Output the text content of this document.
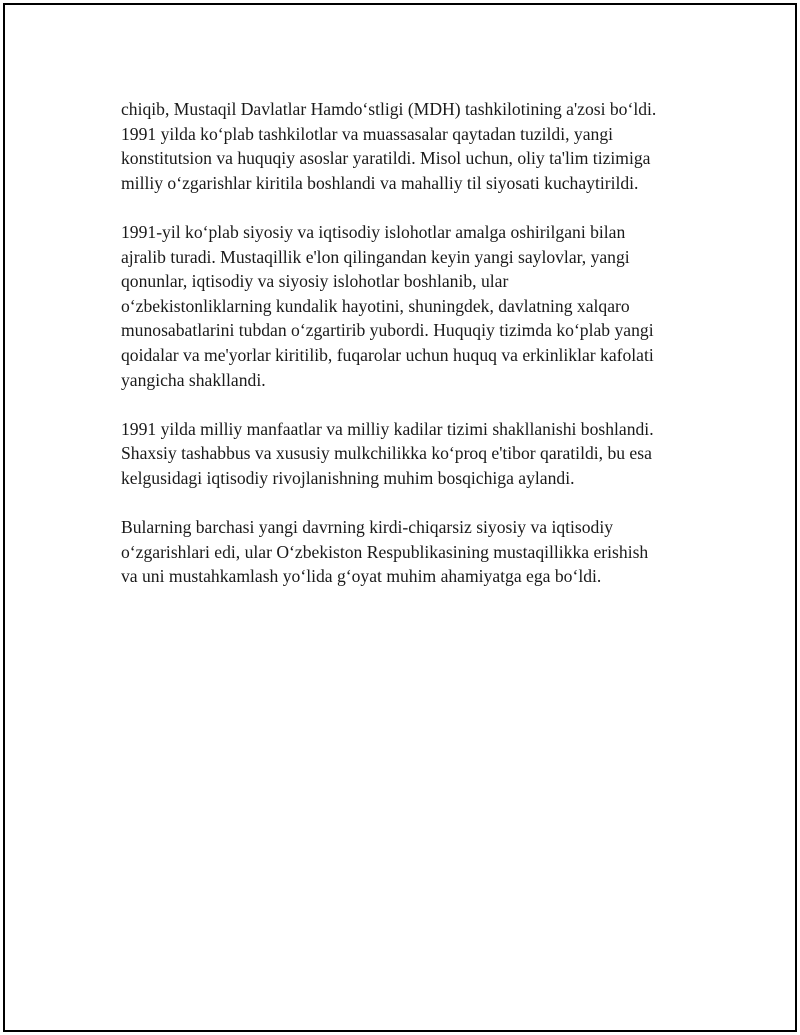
chiqib, Mustaqil Davlatlar Hamdo‘stligi (MDH) tashkilotining a'zosi bo‘ldi.
1991 yilda ko‘plab tashkilotlar va muassasalar qaytadan tuzildi, yangi
konstitutsion va huquqiy asoslar yaratildi. Misol uchun, oliy ta'lim tizimiga
milliy o‘zgarishlar kiritila boshlandi va mahalliy til siyosati kuchaytirildi.

1991-yil ko‘plab siyosiy va iqtisodiy islohotlar amalga oshirilgani bilan
ajralib turadi. Mustaqillik e'lon qilingandan keyin yangi saylovlar, yangi
qonunlar, iqtisodiy va siyosiy islohotlar boshlanib, ular
o‘zbekistonliklarning kundalik hayotini, shuningdek, davlatning xalqaro
munosabatlarini tubdan o‘zgartirib yubordi. Huquqiy tizimda ko‘plab yangi
qoidalar va me'yorlar kiritilib, fuqarolar uchun huquq va erkinliklar kafolati
yangicha shakllandi.

1991 yilda milliy manfaatlar va milliy kadilar tizimi shakllanishi boshlandi.
Shaxsiy tashabbus va xususiy mulkchilikka ko‘proq e'tibor qaratildi, bu esa
kelgusidagi iqtisodiy rivojlanishning muhim bosqichiga aylandi.

Bularning barchasi yangi davrning kirdi-chiqarsiz siyosiy va iqtisodiy
o‘zgarishlari edi, ular O‘zbekiston Respublikasining mustaqillikka erishish
va uni mustahkamlash yo‘lida g‘oyat muhim ahamiyatga ega bo‘ldi.
